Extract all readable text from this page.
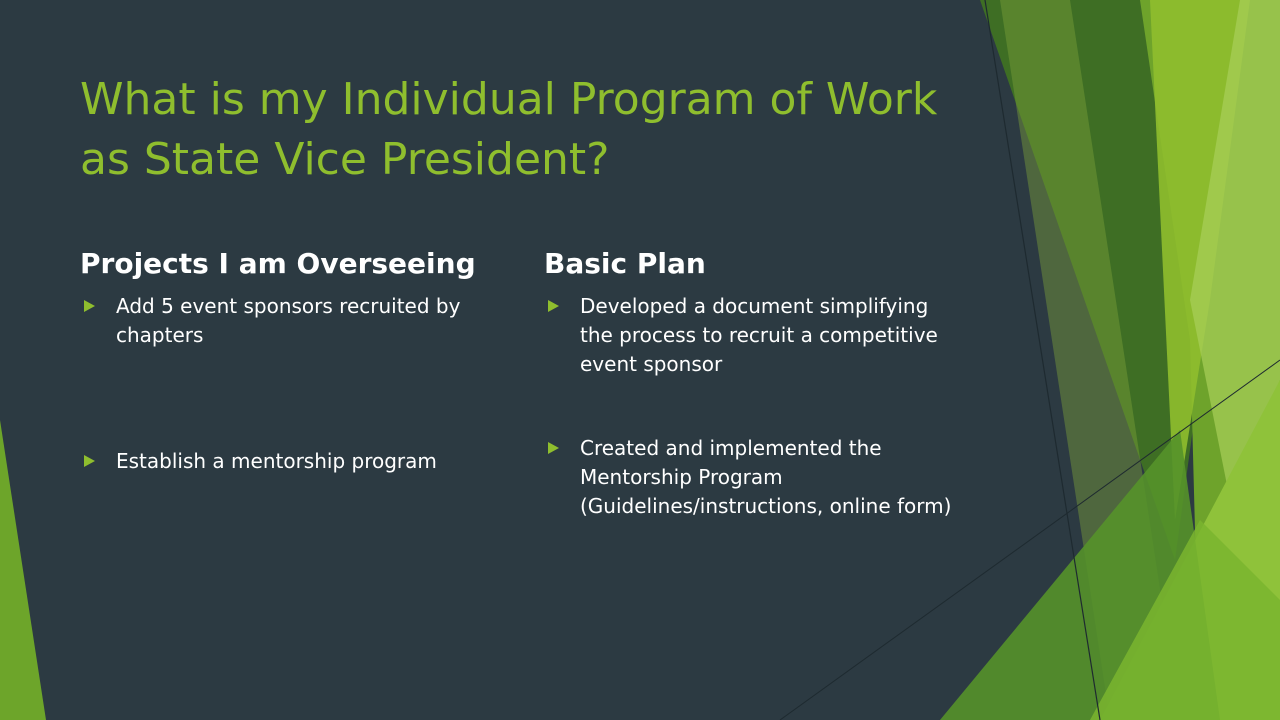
What is my Individual Program of Work
as State Vice President?
Projects I am Overseeing
Add 5 event sponsors recruited by chapters
Establish a mentorship program
Basic Plan
Developed a document simplifying the process to recruit a competitive event sponsor
Created and implemented the Mentorship Program (Guidelines/instructions, online form)
